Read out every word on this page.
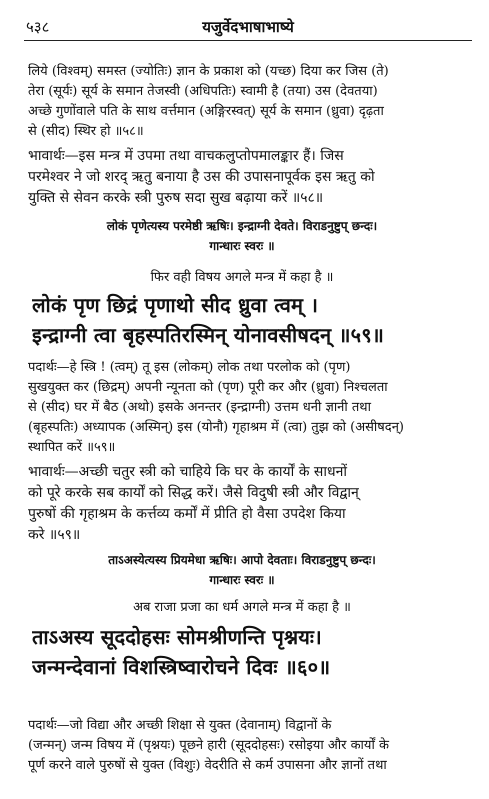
५३८	यजुर्वेदभाषाभाष्ये
लिये (विश्वम्) समस्त (ज्योतिः) ज्ञान के प्रकाश को (यच्छ) दिया कर जिस (ते)
तेरा (सूर्यः) सूर्य के समान तेजस्वी (अधिपतिः) स्वामी है (तया) उस (देवतया)
अच्छे गुणोंवाले पति के साथ वर्त्तमान (अङ्गिरस्वत्) सूर्य के समान (ध्रुवा) दृढ़ता
से (सीद) स्थिर हो ॥५८॥
भावार्थः—इस मन्त्र में उपमा तथा वाचकलुप्तोपमालङ्कार हैं। जिस
परमेश्वर ने जो शरद् ऋतु बनाया है उस की उपासनापूर्वक इस ऋतु को
युक्ति से सेवन करके स्त्री पुरुष सदा सुख बढ़ाया करें ॥५८॥
लोकं पृणेत्यस्य परमेष्ठी ऋषिः। इन्द्राग्नी देवते। विराडनुष्टुप् छन्दः।
गान्धारः स्वरः ॥
फिर वही विषय अगले मन्त्र में कहा है ॥
लोकं पृण छिद्रं पृणाथो सीद ध्रुवा त्वम् ।
इन्द्राग्नी त्वा बृहस्पतिरस्मिन् योनावसीषदन् ॥५९॥
पदार्थः—हे स्त्रि ! (त्वम्) तू इस (लोकम्) लोक तथा परलोक को (पृण)
सुखयुक्त कर (छिद्रम्) अपनी न्यूनता को (पृण) पूरी कर और (ध्रुवा) निश्चलता
से (सीद) घर में बैठ (अथो) इसके अनन्तर (इन्द्राग्नी) उत्तम धनी ज्ञानी तथा
(बृहस्पतिः) अध्यापक (अस्मिन्) इस (योनौ) गृहाश्रम में (त्वा) तुझ को (असीषदन्)
स्थापित करें ॥५९॥
भावार्थः—अच्छी चतुर स्त्री को चाहिये कि घर के कार्यों के साधनों
को पूरे करके सब कार्यों को सिद्ध करें। जैसे विदुषी स्त्री और विद्वान्
पुरुषों की गृहाश्रम के कर्त्तव्य कर्मों में प्रीति हो वैसा उपदेश किया
करे ॥५९॥
ताऽअस्येत्यस्य प्रियमेधा ऋषिः। आपो देवताः। विराडनुष्टुप् छन्दः।
गान्धारः स्वरः ॥
अब राजा प्रजा का धर्म अगले मन्त्र में कहा है ॥
ताऽअस्य सूददोहसः सोमश्रीणन्ति पृश्नयः।
जन्मन्देवानां विशस्त्रिष्वारोचने दिवः ॥६०॥
पदार्थः—जो विद्या और अच्छी शिक्षा से युक्त (देवानाम्) विद्वानों के
(जन्मन्) जन्म विषय में (पृश्नयः) पूछने हारी (सूददोहसः) रसोइया और कार्यों के
पूर्ण करने वाले पुरुषों से युक्त (विशुः) वेदरीति से कर्म उपासना और ज्ञानों तथा
